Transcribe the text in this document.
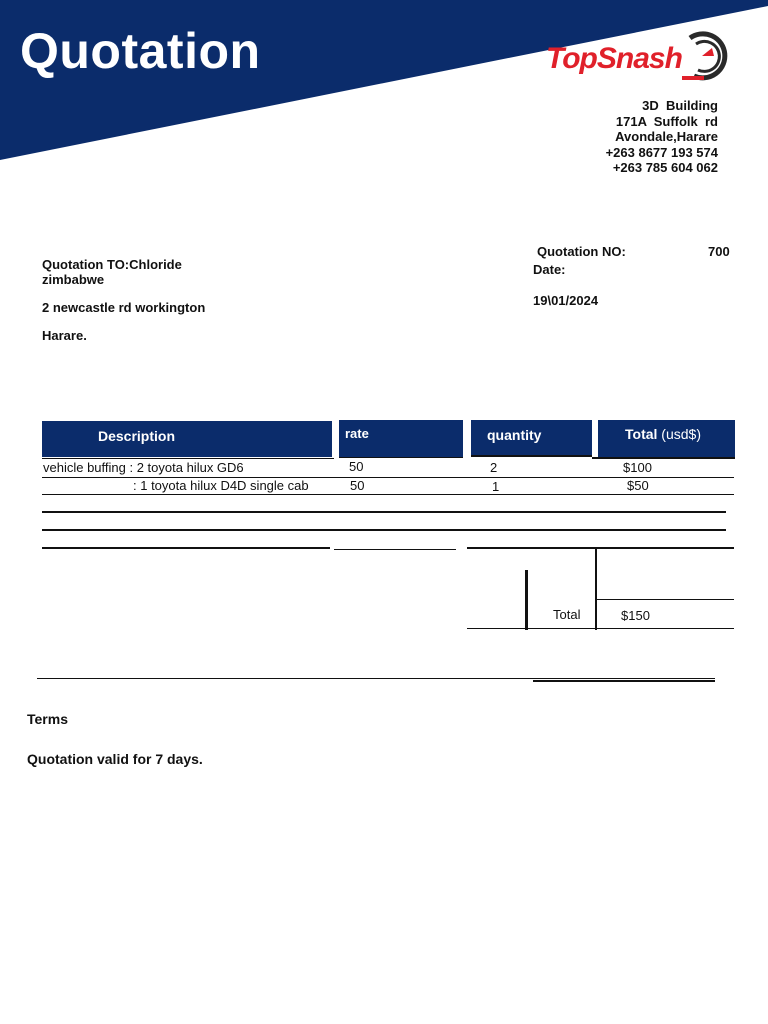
Quotation	TopSnash
3D  Building
171A  Suffolk  rd
Avondale,Harare
+263 8677 193 574
+263 785 604 062
Quotation TO:Chloride
zimbabwe
2 newcastle rd workington
Harare.
Quotation NO:	700
Date:
19\01/2024
Description	rate	quantity	Total (usd$)
vehicle buffing : 2 toyota hilux GD6	50	2	$100
: 1 toyota hilux D4D single cab	50	1	$50
Total	$150
Terms
Quotation valid for 7 days.
